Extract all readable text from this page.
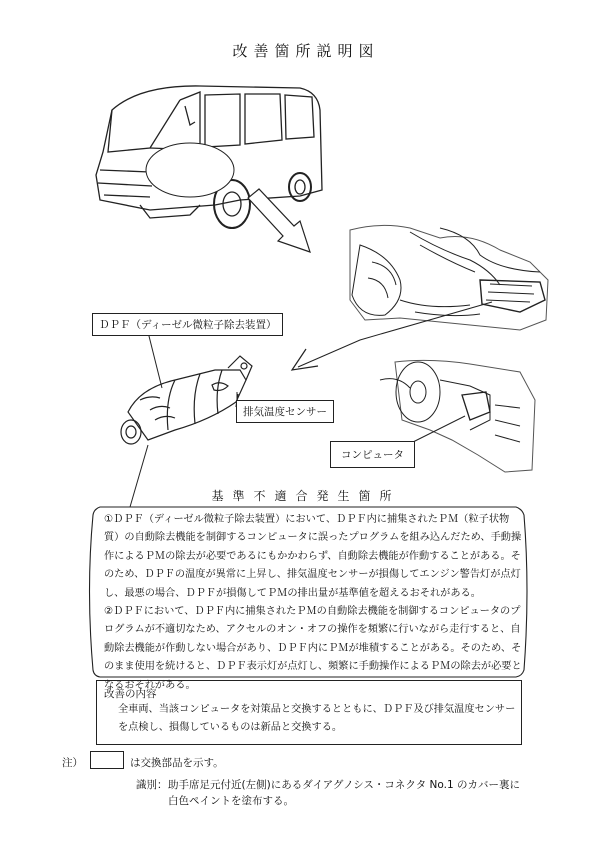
改善箇所説明図
ＤＰＦ（ディーゼル微粒子除去装置）
排気温度センサー
コンピュータ
基準不適合発生箇所

①ＤＰＦ（ディーゼル微粒子除去装置）において、ＤＰＦ内に捕集されたＰＭ（粒子状物質）の自動除去機能を制御するコンピュータに誤ったプログラムを組み込んだため、手動操作によるＰＭの除去が必要であるにもかかわらず、自動除去機能が作動することがある。そのため、ＤＰＦの温度が異常に上昇し、排気温度センサーが損傷してエンジン警告灯が点灯し、最悪の場合、ＤＰＦが損傷してＰＭの排出量が基準値を超えるおそれがある。

②ＤＰＦにおいて、ＤＰＦ内に捕集されたＰＭの自動除去機能を制御するコンピュータのプログラムが不適切なため、アクセルのオン・オフの操作を頻繁に行いながら走行すると、自動除去機能が作動しない場合があり、ＤＰＦ内にＰＭが堆積することがある。そのため、そのまま使用を続けると、ＤＰＦ表示灯が点灯し、頻繁に手動操作によるＰＭの除去が必要となるおそれがある。

改善の内容
全車両、当該コンピュータを対策品と交換するとともに、ＤＰＦ及び排気温度センサーを点検し、損傷しているものは新品と交換する。
注）	は交換部品を示す。
識別： 助手席足元付近(左側)にあるダイアグノシス・コネクタ No.1 のカバー裏に白色ペイントを塗布する。
